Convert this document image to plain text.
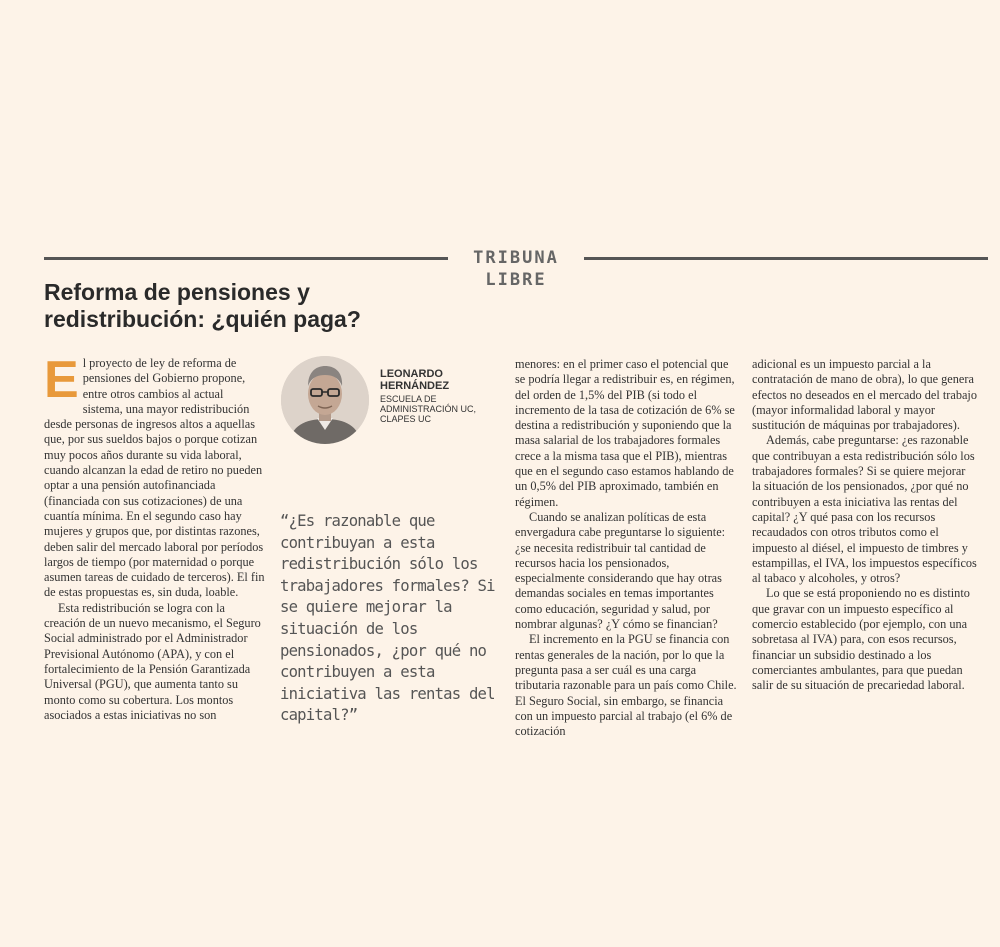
TRIBUNA LIBRE
Reforma de pensiones y redistribución: ¿quién paga?
E l proyecto de ley de reforma de pensiones del Gobierno propone, entre otros cambios al actual sistema, una mayor redistribución desde personas de ingresos altos a aquellas que, por sus sueldos bajos o porque cotizan muy pocos años durante su vida laboral, cuando alcanzan la edad de retiro no pueden optar a una pensión autofinanciada (financiada con sus cotizaciones) de una cuantía mínima. En el segundo caso hay mujeres y grupos que, por distintas razones, deben salir del mercado laboral por períodos largos de tiempo (por maternidad o porque asumen tareas de cuidado de terceros). El fin de estas propuestas es, sin duda, loable.

Esta redistribución se logra con la creación de un nuevo mecanismo, el Seguro Social administrado por el Administrador Previsional Autónomo (APA), y con el fortalecimiento de la Pensión Garantizada Universal (PGU), que aumenta tanto su monto como su cobertura. Los montos asociados a estas iniciativas no son

LEONARDO
HERNÁNDEZ
ESCUELA DE
ADMINISTRACIÓN UC,
CLAPES UC
“¿Es razonable que contribuyan a esta redistribución sólo los trabajadores formales? Si se quiere mejorar la situación de los pensionados, ¿por qué no contribuyen a esta iniciativa las rentas del capital?”

menores: en el primer caso el potencial que se podría llegar a redistribuir es, en régimen, del orden de 1,5% del PIB (si todo el incremento de la tasa de cotización de 6% se destina a redistribución y suponiendo que la masa salarial de los trabajadores formales crece a la misma tasa que el PIB), mientras que en el segundo caso estamos hablando de un 0,5% del PIB aproximado, también en régimen.

Cuando se analizan políticas de esta envergadura cabe preguntarse lo siguiente: ¿se necesita redistribuir tal cantidad de recursos hacia los pensionados, especialmente considerando que hay otras demandas sociales en temas importantes como educación, seguridad y salud, por nombrar algunas? ¿Y cómo se financian?

El incremento en la PGU se financia con rentas generales de la nación, por lo que la pregunta pasa a ser cuál es una carga tributaria razonable para un país como Chile. El Seguro Social, sin embargo, se financia con un impuesto parcial al trabajo (el 6% de cotización

adicional es un impuesto parcial a la contratación de mano de obra), lo que genera efectos no deseados en el mercado del trabajo (mayor informalidad laboral y mayor sustitución de máquinas por trabajadores).

Además, cabe preguntarse: ¿es razonable que contribuyan a esta redistribución sólo los trabajadores formales? Si se quiere mejorar la situación de los pensionados, ¿por qué no contribuyen a esta iniciativa las rentas del capital? ¿Y qué pasa con los recursos recaudados con otros tributos como el impuesto al diésel, el impuesto de timbres y estampillas, el IVA, los impuestos específicos al tabaco y alcoholes, y otros?

Lo que se está proponiendo no es distinto que gravar con un impuesto específico al comercio establecido (por ejemplo, con una sobretasa al IVA) para, con esos recursos, financiar un subsidio destinado a los comerciantes ambulantes, para que puedan salir de su situación de precariedad laboral.
